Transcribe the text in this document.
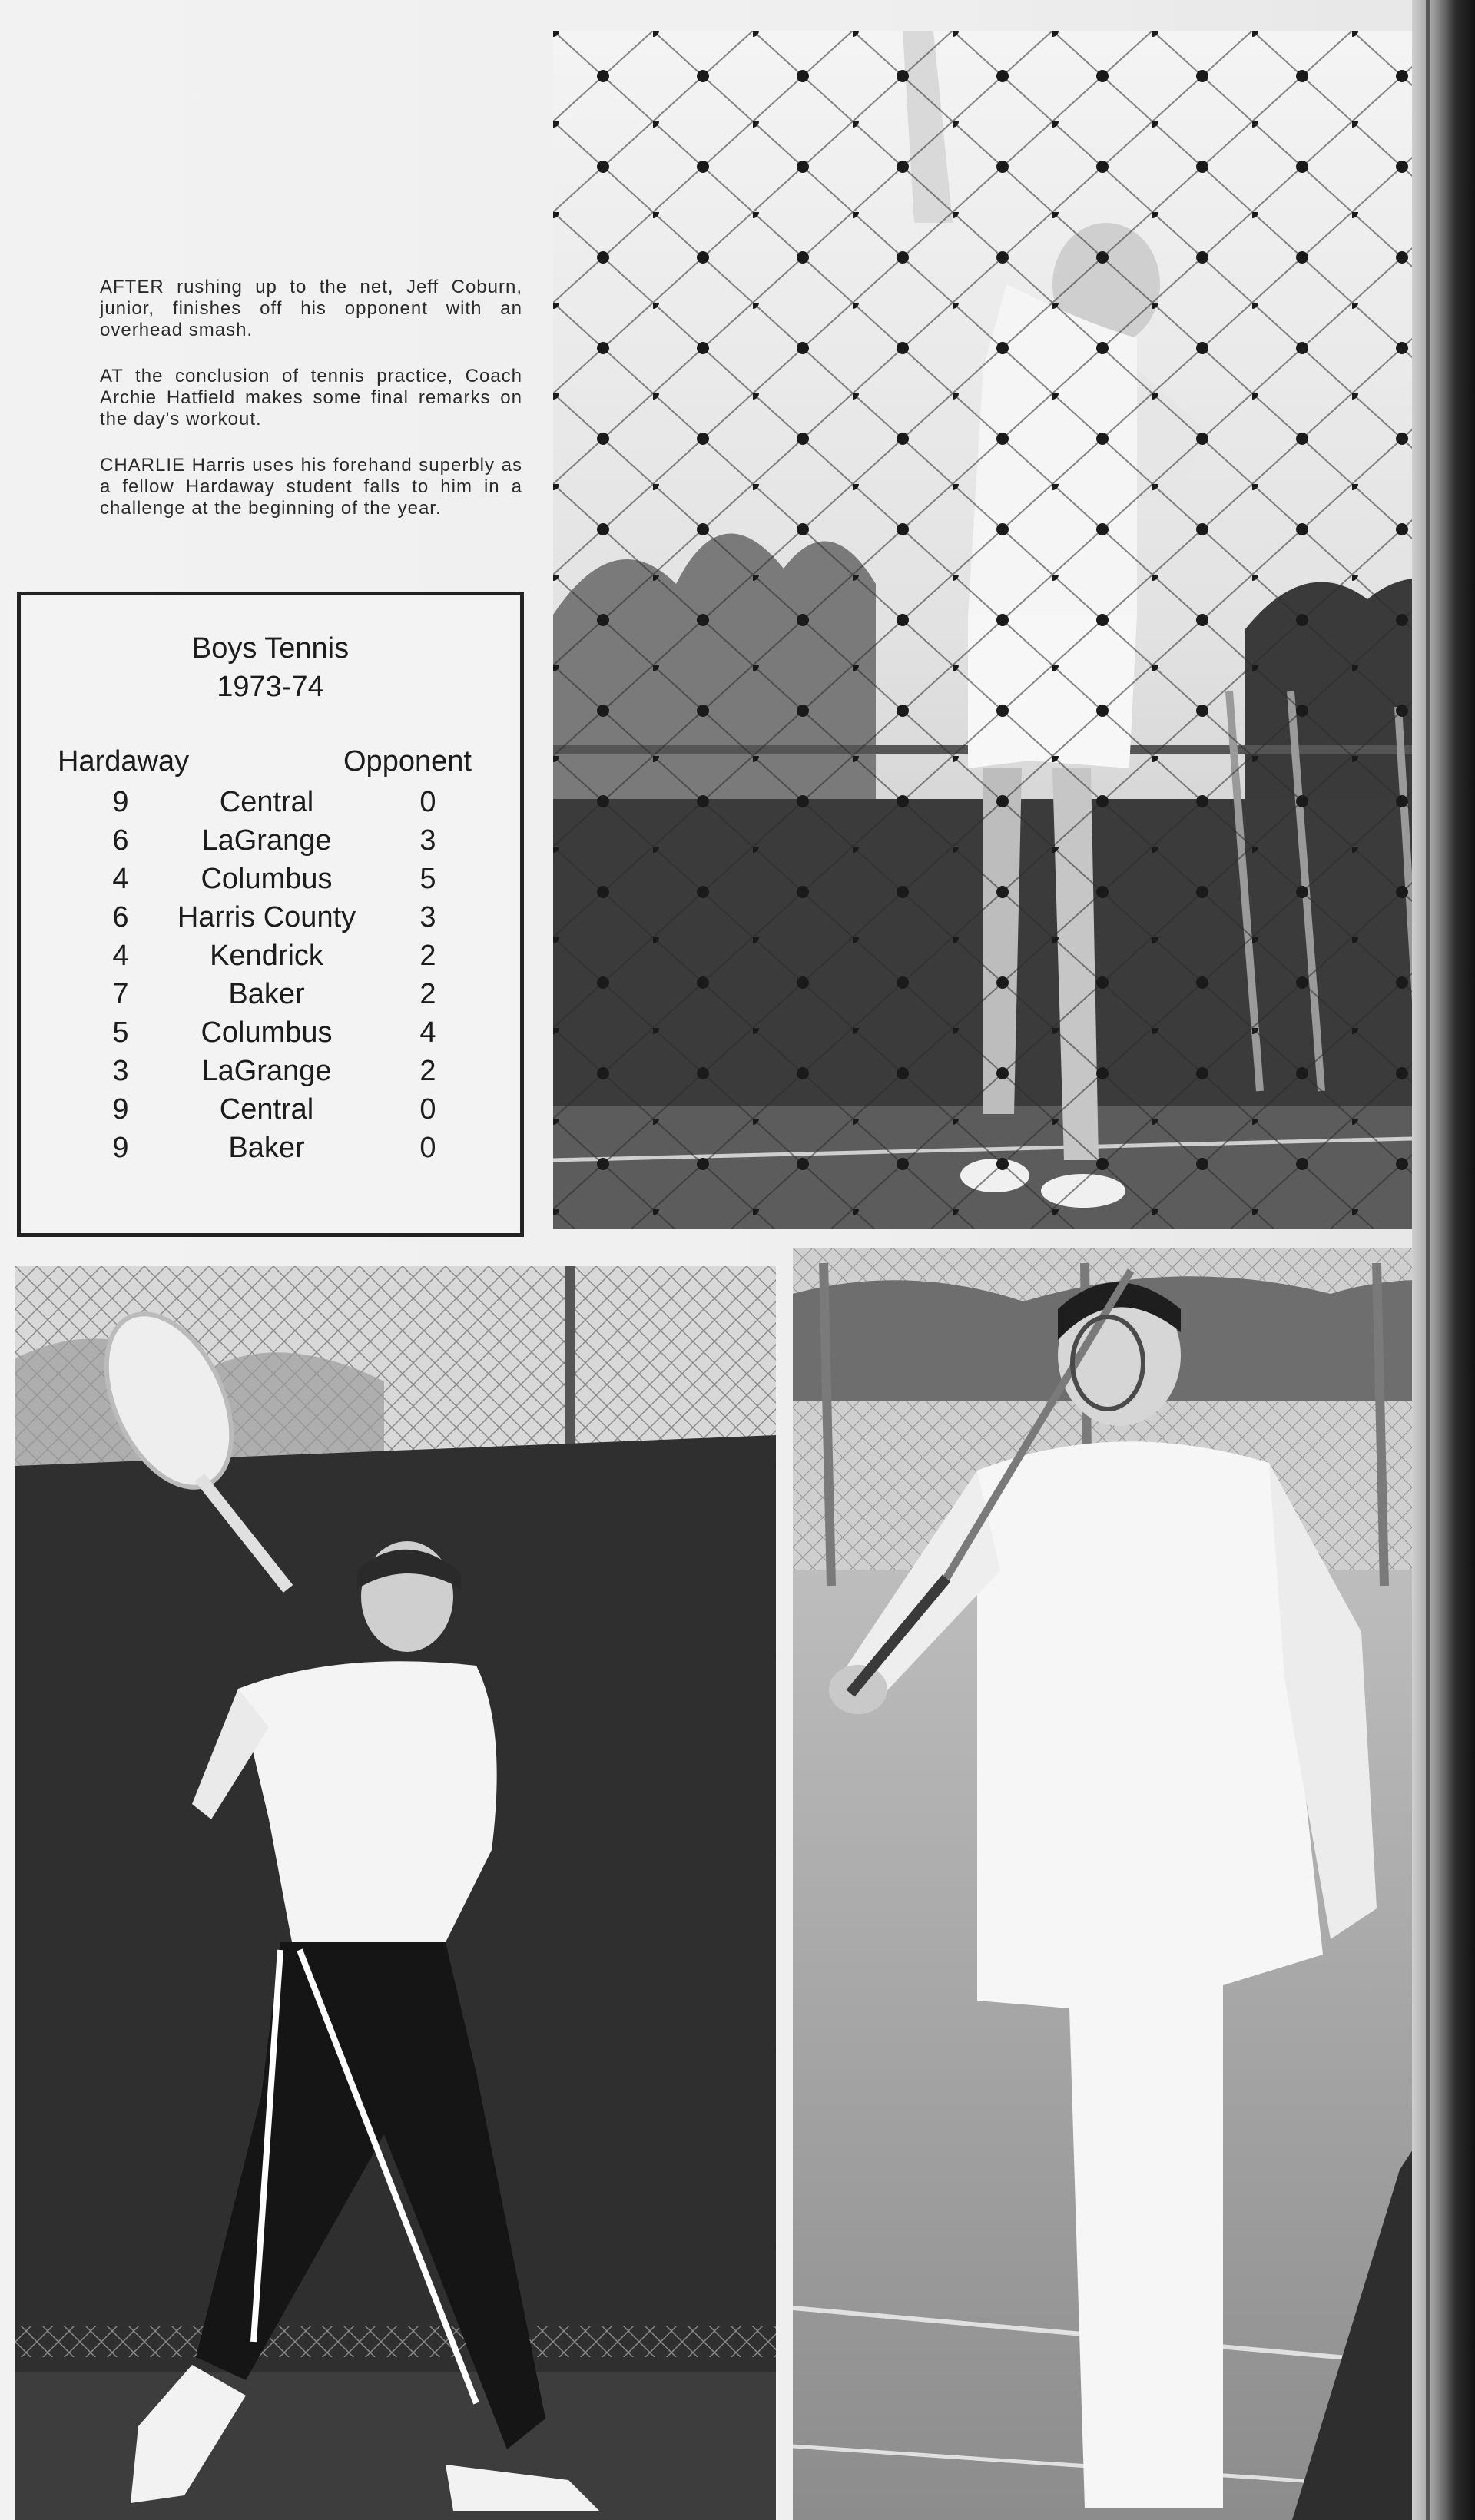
AFTER rushing up to the net, Jeff Coburn, junior, finishes off his opponent with an overhead smash.

AT the conclusion of tennis practice, Coach Archie Hatfield makes some final remarks on the day's workout.

CHARLIE Harris uses his forehand superbly as a fellow Hardaway student falls to him in a challenge at the beginning of the year.

Boys Tennis
1973-74
Hardaway	Opponent
9	Central	0
6	LaGrange	3
4	Columbus	5
6	Harris County	3
4	Kendrick	2
7	Baker	2
5	Columbus	4
3	LaGrange	2
9	Central	0
9	Baker	0
